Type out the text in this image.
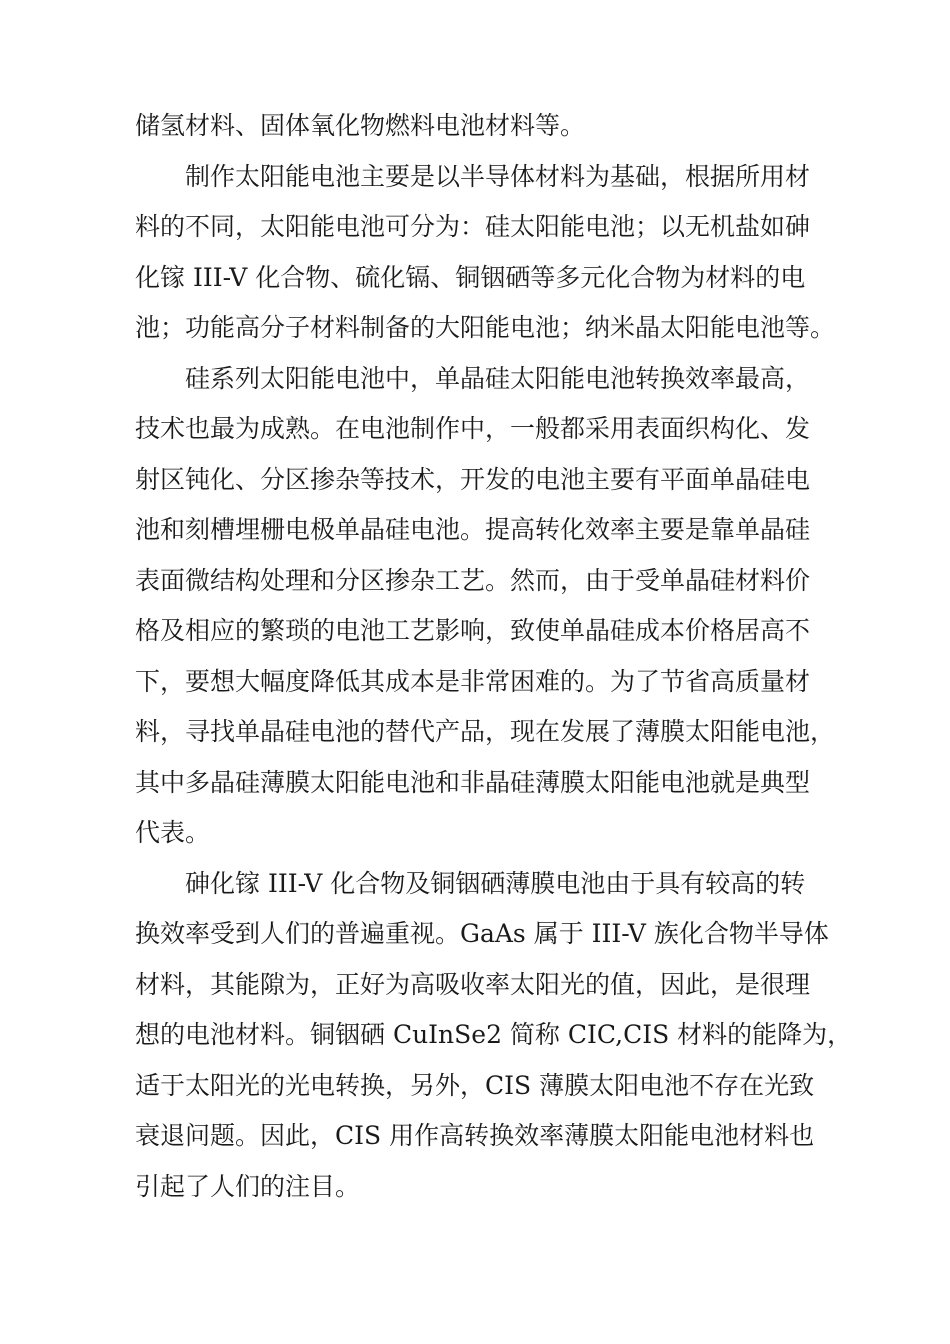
储氢材料、固体氧化物燃料电池材料等。
制作太阳能电池主要是以半导体材料为基础，根据所用材
料的不同，太阳能电池可分为：硅太阳能电池；以无机盐如砷
化镓 III-V 化合物、硫化镉、铜铟硒等多元化合物为材料的电
池；功能高分子材料制备的大阳能电池；纳米晶太阳能电池等。
硅系列太阳能电池中，单晶硅太阳能电池转换效率最高，
技术也最为成熟。在电池制作中，一般都采用表面织构化、发
射区钝化、分区掺杂等技术，开发的电池主要有平面单晶硅电
池和刻槽埋栅电极单晶硅电池。提高转化效率主要是靠单晶硅
表面微结构处理和分区掺杂工艺。然而，由于受单晶硅材料价
格及相应的繁琐的电池工艺影响，致使单晶硅成本价格居高不
下，要想大幅度降低其成本是非常困难的。为了节省高质量材
料，寻找单晶硅电池的替代产品，现在发展了薄膜太阳能电池，
其中多晶硅薄膜太阳能电池和非晶硅薄膜太阳能电池就是典型
代表。
砷化镓 III-V 化合物及铜铟硒薄膜电池由于具有较高的转
换效率受到人们的普遍重视。GaAs 属于 III-V 族化合物半导体
材料，其能隙为，正好为高吸收率太阳光的值，因此，是很理
想的电池材料。铜铟硒 CuInSe2 简称 CIC,CIS 材料的能降为，
适于太阳光的光电转换，另外，CIS 薄膜太阳电池不存在光致
衰退问题。因此，CIS 用作高转换效率薄膜太阳能电池材料也
引起了人们的注目。
